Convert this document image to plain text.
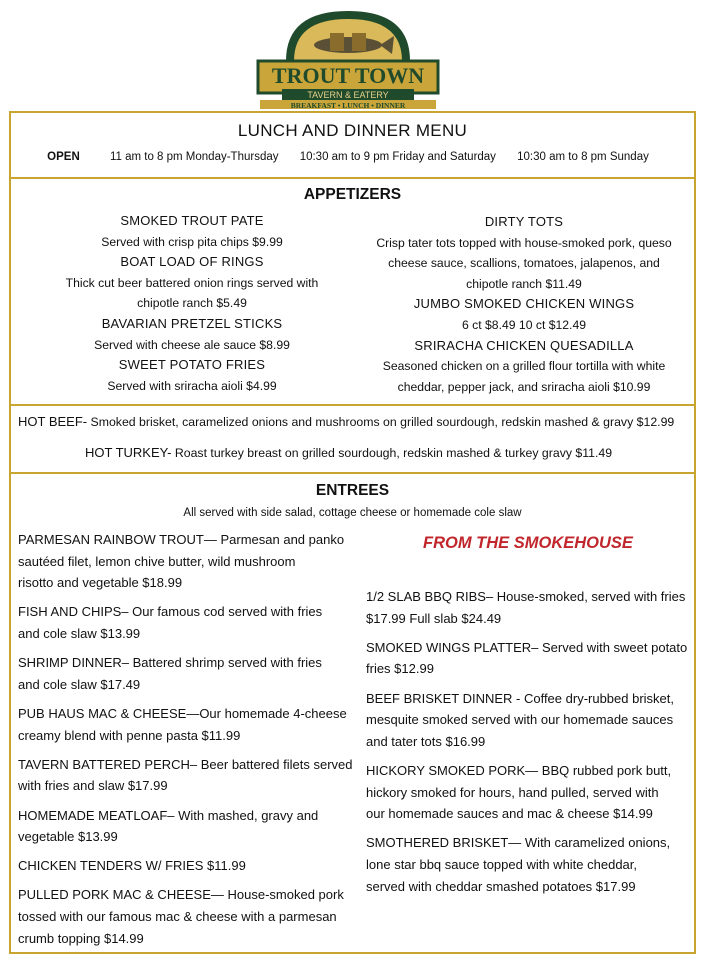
TROUT TOWN
TAVERN & EATERY
BREAKFAST • LUNCH • DINNER
LUNCH AND DINNER MENU
OPEN	11 am to 8 pm Monday-Thursday 10:30 am to 9 pm Friday and Saturday 10:30 am to 8 pm Sunday
APPETIZERS
SMOKED TROUT PATE
Served with crisp pita chips $9.99
BOAT LOAD OF RINGS
Thick cut beer battered onion rings served with
chipotle ranch $5.49
BAVARIAN PRETZEL STICKS
Served with cheese ale sauce $8.99
SWEET POTATO FRIES
Served with sriracha aioli $4.99
DIRTY TOTS
Crisp tater tots topped with house-smoked pork, queso
cheese sauce, scallions, tomatoes, jalapenos, and
chipotle ranch $11.49
JUMBO SMOKED CHICKEN WINGS
6 ct $8.49 10 ct $12.49
SRIRACHA CHICKEN QUESADILLA
Seasoned chicken on a grilled flour tortilla with white
cheddar, pepper jack, and sriracha aioli $10.99
HOT BEEF- Smoked brisket, caramelized onions and mushrooms on grilled sourdough, redskin mashed & gravy $12.99
HOT TURKEY- Roast turkey breast on grilled sourdough, redskin mashed & turkey gravy $11.49
ENTREES
All served with side salad, cottage cheese or homemade cole slaw
FROM THE SMOKEHOUSE

PARMESAN RAINBOW TROUT— Parmesan and panko
sautéed filet, lemon chive butter, wild mushroom
risotto and vegetable $18.99

FISH AND CHIPS– Our famous cod served with fries
and cole slaw $13.99

SHRIMP DINNER– Battered shrimp served with fries
and cole slaw $17.49

PUB HAUS MAC & CHEESE—Our homemade 4-cheese
creamy blend with penne pasta $11.99

TAVERN BATTERED PERCH– Beer battered filets served
with fries and slaw $17.99

HOMEMADE MEATLOAF– With mashed, gravy and
vegetable $13.99

CHICKEN TENDERS W/ FRIES $11.99

PULLED PORK MAC & CHEESE— House-smoked pork
tossed with our famous mac & cheese with a parmesan
crumb topping $14.99

1/2 SLAB BBQ RIBS– House-smoked, served with fries
$17.99 Full slab $24.49

SMOKED WINGS PLATTER– Served with sweet potato
fries $12.99

BEEF BRISKET DINNER - Coffee dry-rubbed brisket,
mesquite smoked served with our homemade sauces
and tater tots $16.99

HICKORY SMOKED PORK— BBQ rubbed pork butt,
hickory smoked for hours, hand pulled, served with
our homemade sauces and mac & cheese $14.99

SMOTHERED BRISKET— With caramelized onions,
lone star bbq sauce topped with white cheddar,
served with cheddar smashed potatoes $17.99
